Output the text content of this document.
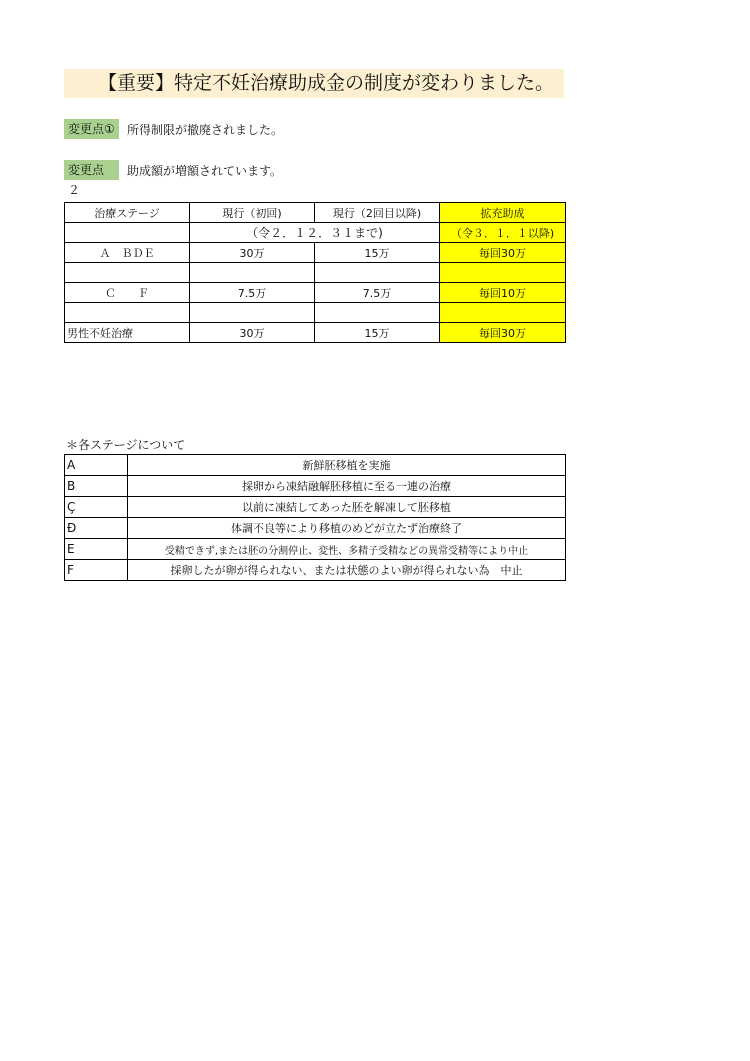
【重要】特定不妊治療助成金の制度が変わりました。
変更点①	所得制限が撤廃されました。
変更点２
助成額が増額されています。
治療ステージ	現行（初回)	現行（2回目以降)	拡充助成
	（令２．１２．３１まで)		（令３．１．１以降)
Ａ　ＢＤＥ	30万	15万	毎回30万

Ｃ　　Ｆ	7.5万	7.5万	毎回10万

男性不妊治療	30万	15万	毎回30万
＊各ステージについて
A	新鮮胚移植を実施
B	採卵から凍結融解胚移植に至る一連の治療
Ç	以前に凍結してあった胚を解凍して胚移植
Ð	体調不良等により移植のめどが立たず治療終了
E	受精できず,または胚の分割停止、変性、多精子受精などの異常受精等により中止
F	採卵したが卵が得られない、または状態のよい卵が得られない為　中止
